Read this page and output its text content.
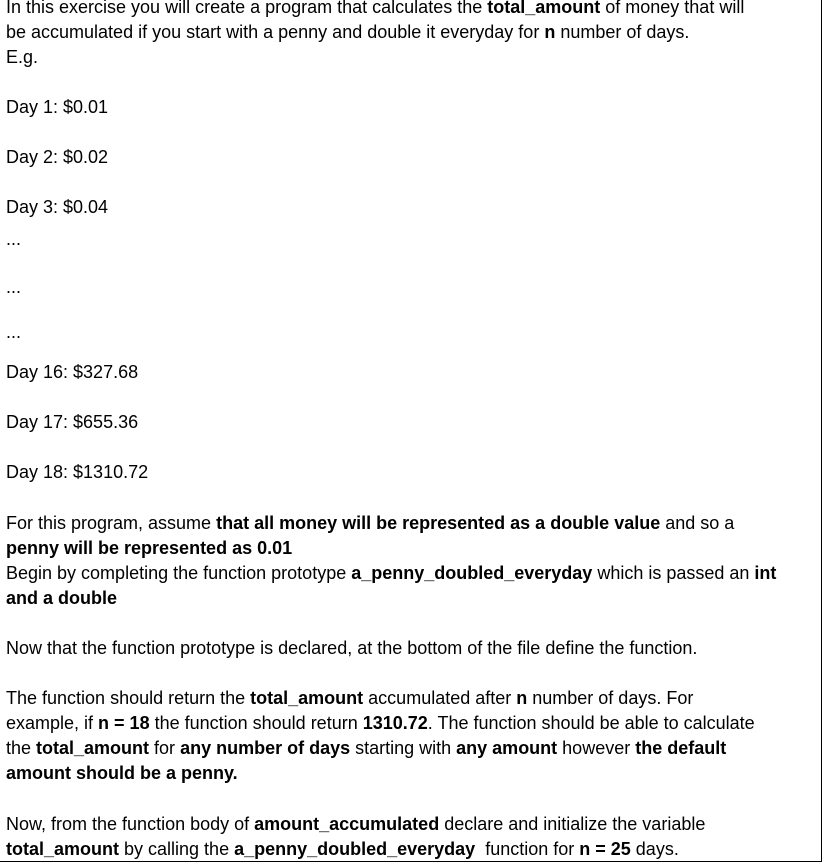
In this exercise you will create a program that calculates the total_amount of money that will
be accumulated if you start with a penny and double it everyday for n number of days.
E.g.
Day 1: $0.01
Day 2: $0.02
Day 3: $0.04
...
...
...
Day 16: $327.68
Day 17: $655.36
Day 18: $1310.72
For this program, assume that all money will be represented as a double value and so a
penny will be represented as 0.01
Begin by completing the function prototype a_penny_doubled_everyday which is passed an int
and a double
Now that the function prototype is declared, at the bottom of the file define the function.
The function should return the total_amount accumulated after n number of days. For
example, if n = 18 the function should return 1310.72. The function should be able to calculate
the total_amount for any number of days starting with any amount however the default
amount should be a penny.
Now, from the function body of amount_accumulated declare and initialize the variable
total_amount by calling the a_penny_doubled_everyday  function for n = 25 days.
